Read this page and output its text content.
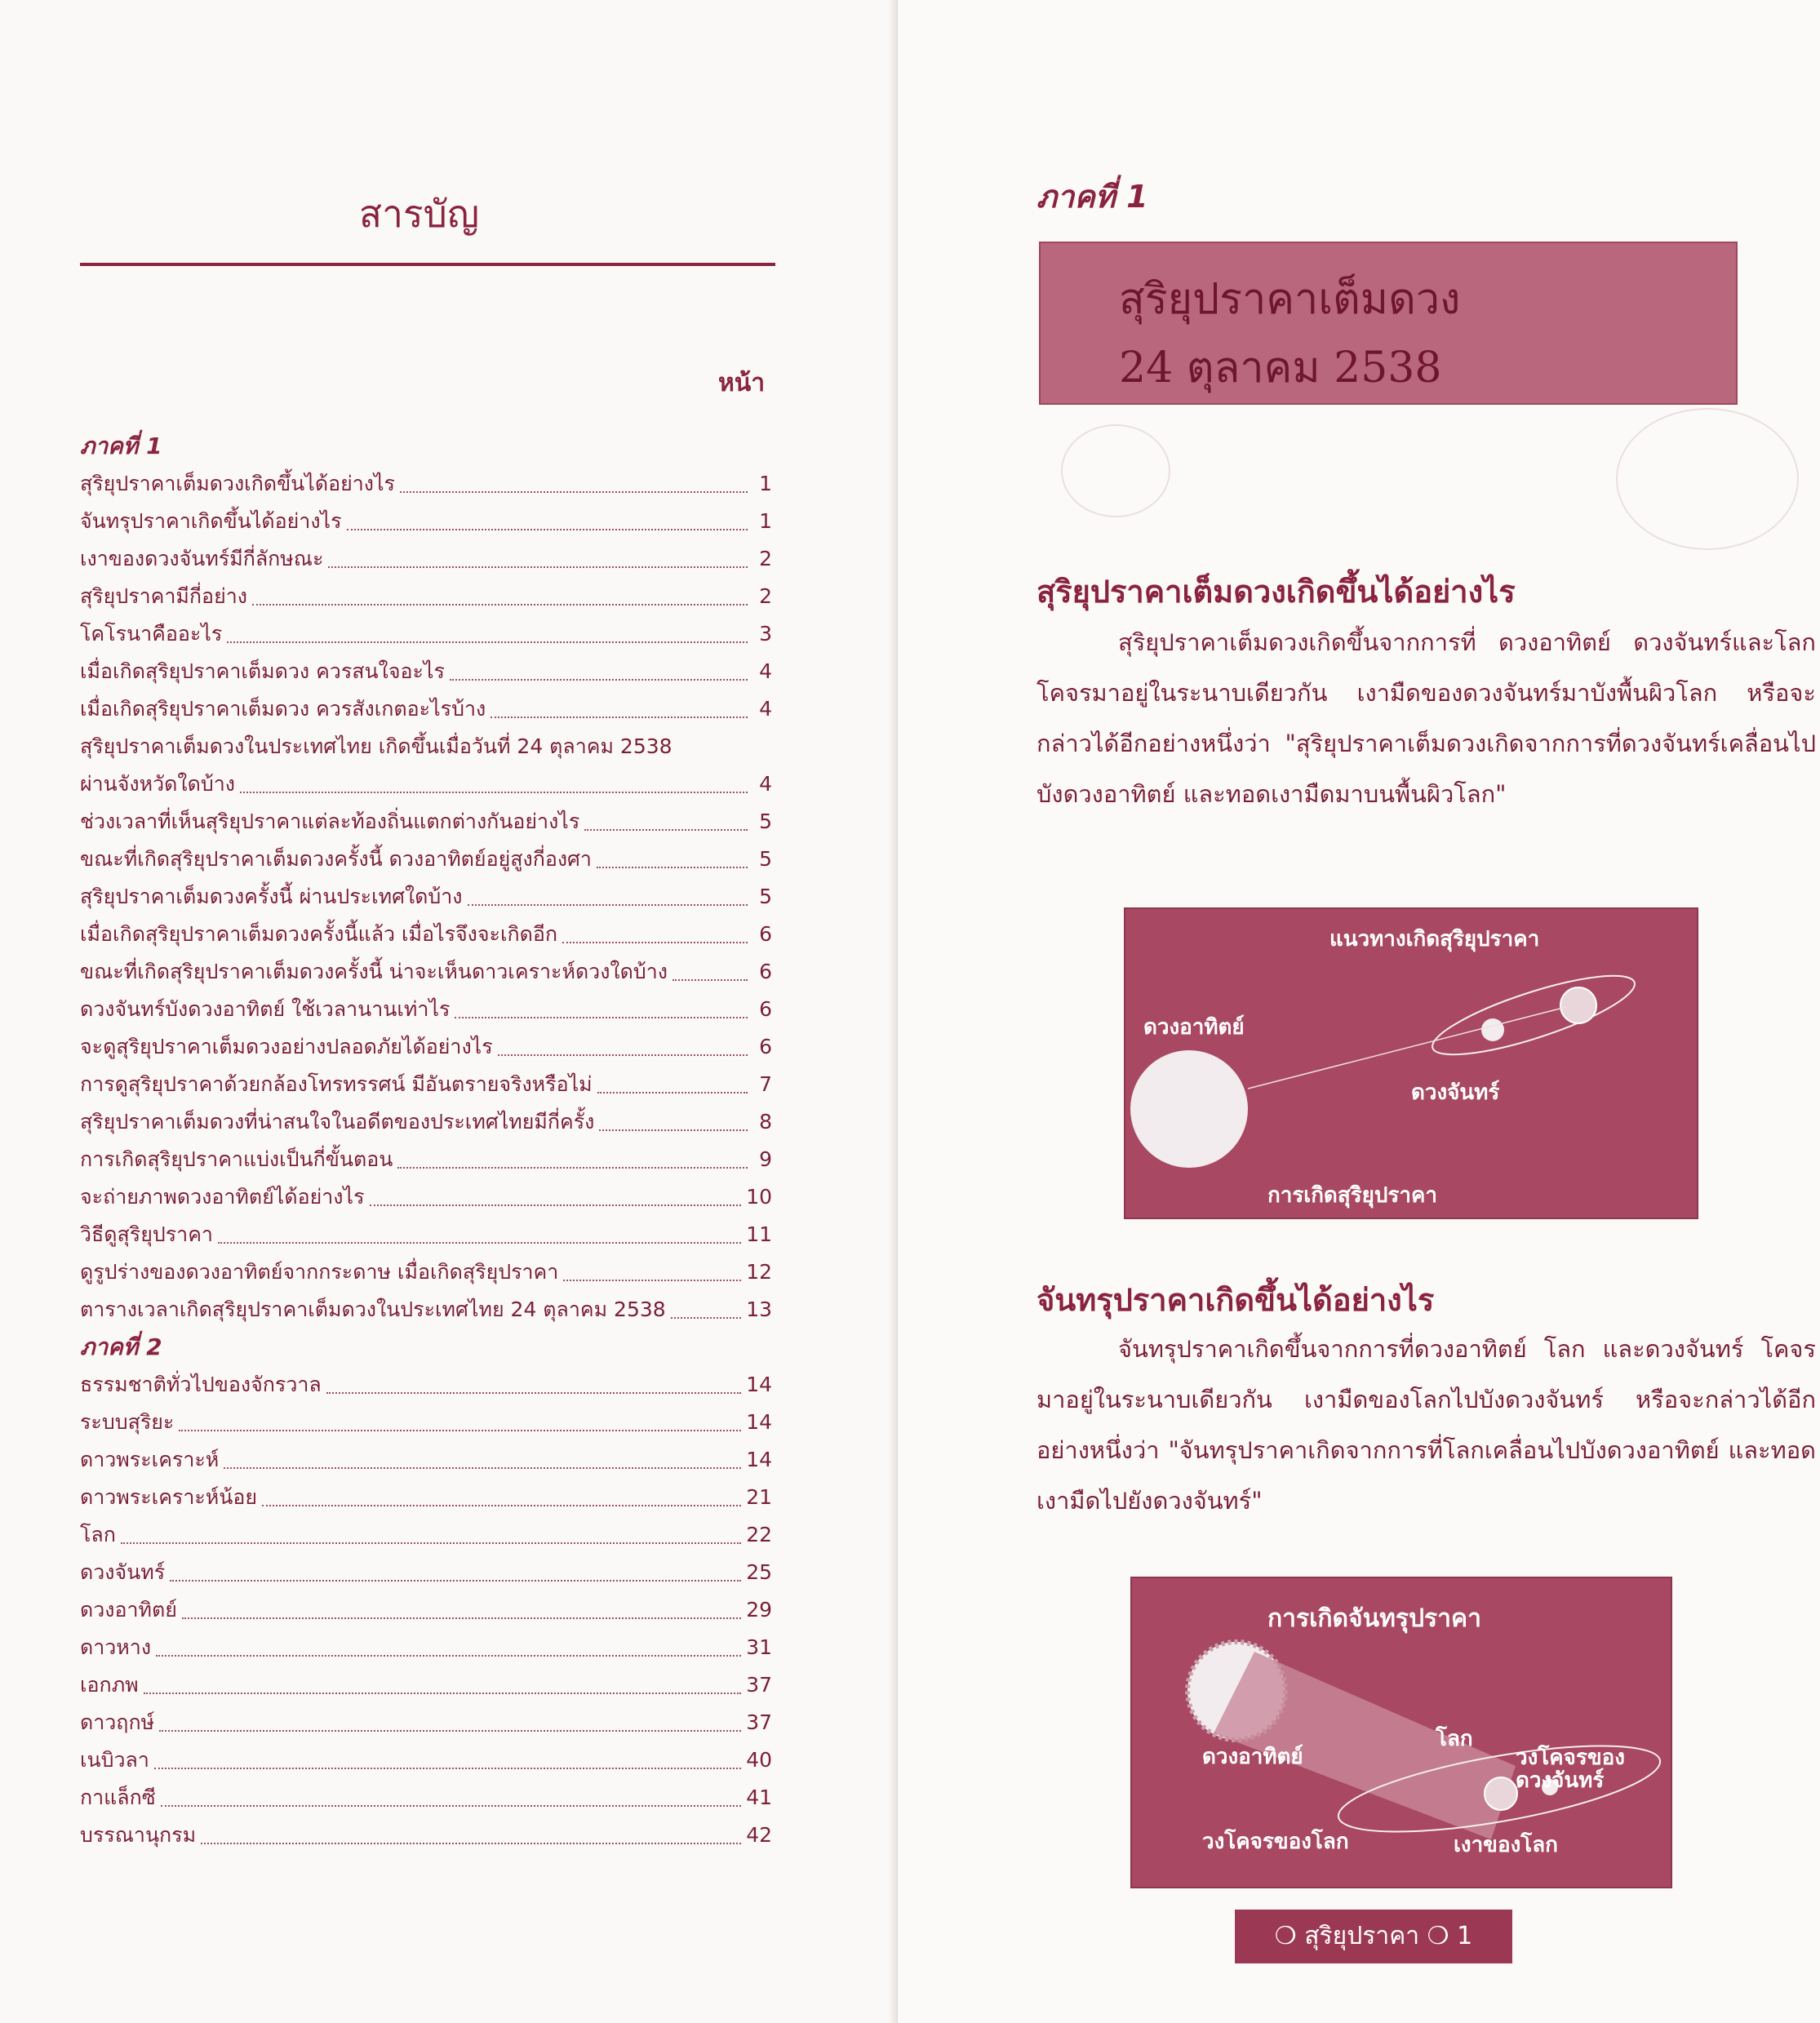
สารบัญ
หน้า
ภาคที่ 1
สุริยุปราคาเต็มดวงเกิดขึ้นได้อย่างไร	1
จันทรุปราคาเกิดขึ้นได้อย่างไร	1
เงาของดวงจันทร์มีกี่ลักษณะ	2
สุริยุปราคามีกี่อย่าง	2
โคโรนาคืออะไร	3
เมื่อเกิดสุริยุปราคาเต็มดวง ควรสนใจอะไร	4
เมื่อเกิดสุริยุปราคาเต็มดวง ควรสังเกตอะไรบ้าง	4
สุริยุปราคาเต็มดวงในประเทศไทย เกิดขึ้นเมื่อวันที่ 24 ตุลาคม 2538
ผ่านจังหวัดใดบ้าง	4
ช่วงเวลาที่เห็นสุริยุปราคาแต่ละท้องถิ่นแตกต่างกันอย่างไร	5
ขณะที่เกิดสุริยุปราคาเต็มดวงครั้งนี้ ดวงอาทิตย์อยู่สูงกี่องศา	5
สุริยุปราคาเต็มดวงครั้งนี้ ผ่านประเทศใดบ้าง	5
เมื่อเกิดสุริยุปราคาเต็มดวงครั้งนี้แล้ว เมื่อไรจึงจะเกิดอีก	6
ขณะที่เกิดสุริยุปราคาเต็มดวงครั้งนี้ น่าจะเห็นดาวเคราะห์ดวงใดบ้าง	6
ดวงจันทร์บังดวงอาทิตย์ ใช้เวลานานเท่าไร	6
จะดูสุริยุปราคาเต็มดวงอย่างปลอดภัยได้อย่างไร	6
การดูสุริยุปราคาด้วยกล้องโทรทรรศน์ มีอันตรายจริงหรือไม่	7
สุริยุปราคาเต็มดวงที่น่าสนใจในอดีตของประเทศไทยมีกี่ครั้ง	8
การเกิดสุริยุปราคาแบ่งเป็นกี่ขั้นตอน	9
จะถ่ายภาพดวงอาทิตย์ได้อย่างไร	10
วิธีดูสุริยุปราคา	11
ดูรูปร่างของดวงอาทิตย์จากกระดาษ เมื่อเกิดสุริยุปราคา	12
ตารางเวลาเกิดสุริยุปราคาเต็มดวงในประเทศไทย 24 ตุลาคม 2538	13
ภาคที่ 2
ธรรมชาติทั่วไปของจักรวาล	14
ระบบสุริยะ	14
ดาวพระเคราะห์	14
ดาวพระเคราะห์น้อย	21
โลก	22
ดวงจันทร์	25
ดวงอาทิตย์	29
ดาวหาง	31
เอกภพ	37
ดาวฤกษ์	37
เนบิวลา	40
กาแล็กซี	41
บรรณานุกรม	42
ภาคที่ 1
สุริยุปราคาเต็มดวง
24 ตุลาคม 2538
สุริยุปราคาเต็มดวงเกิดขึ้นได้อย่างไร
สุริยุปราคาเต็มดวงเกิดขึ้นจากการที่ ดวงอาทิตย์ ดวงจันทร์และโลก โคจรมาอยู่ในระนาบเดียวกัน เงามืดของดวงจันทร์มาบังพื้นผิวโลก หรือจะกล่าวได้อีกอย่างหนึ่งว่า "สุริยุปราคาเต็มดวงเกิดจากการที่ดวงจันทร์เคลื่อนไปบังดวงอาทิตย์ และทอดเงามืดมาบนพื้นผิวโลก"
แนวทางเกิดสุริยุปราคา
ดวงอาทิตย์
ดวงจันทร์
การเกิดสุริยุปราคา
จันทรุปราคาเกิดขึ้นได้อย่างไร
จันทรุปราคาเกิดขึ้นจากการที่ดวงอาทิตย์ โลก และดวงจันทร์ โคจรมาอยู่ในระนาบเดียวกัน เงามืดของโลกไปบังดวงจันทร์ หรือจะกล่าวได้อีกอย่างหนึ่งว่า "จันทรุปราคาเกิดจากการที่โลกเคลื่อนไปบังดวงอาทิตย์ และทอดเงามืดไปยังดวงจันทร์"
การเกิดจันทรุปราคา
ดวงอาทิตย์
โลก
วงโคจรของดวงจันทร์
วงโคจรของโลก	เงาของโลก
❍ สุริยุปราคา ❍ 1
